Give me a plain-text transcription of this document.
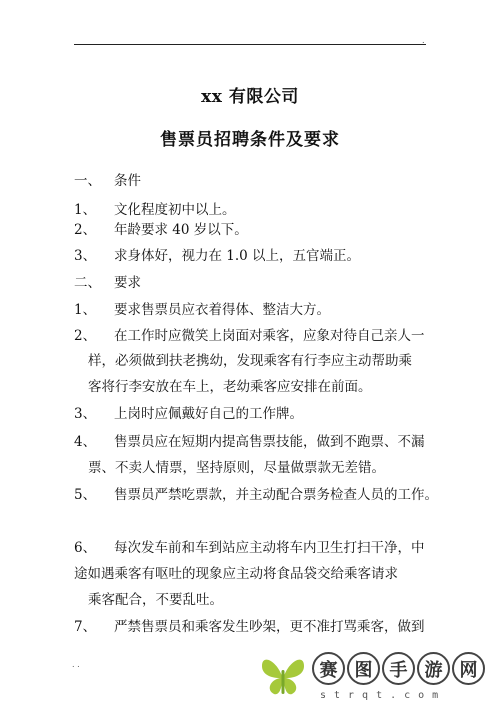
.
xx 有限公司
售票员招聘条件及要求
一、 条件
1、 文化程度初中以上。
2、 年龄要求 40 岁以下。
3、 求身体好，视力在 1.0 以上，五官端正。
二、 要求
1、 要求售票员应衣着得体、整洁大方。
2、 在工作时应微笑上岗面对乘客，应象对待自己亲人一
样，必须做到扶老携幼，发现乘客有行李应主动帮助乘
客将行李安放在车上，老幼乘客应安排在前面。
3、 上岗时应佩戴好自己的工作牌。
4、 售票员应在短期内提高售票技能，做到不跑票、不漏
票、不卖人情票，坚持原则，尽量做票款无差错。
5、 售票员严禁吃票款，并主动配合票务检查人员的工作。
6、 每次发车前和车到站应主动将车内卫生打扫干净，中
途如遇乘客有呕吐的现象应主动将食品袋交给乘客请求
乘客配合，不要乱吐。
7、 严禁售票员和乘客发生吵架，更不准打骂乘客，做到
. .	赛 图 手 游 网
strqt.com
